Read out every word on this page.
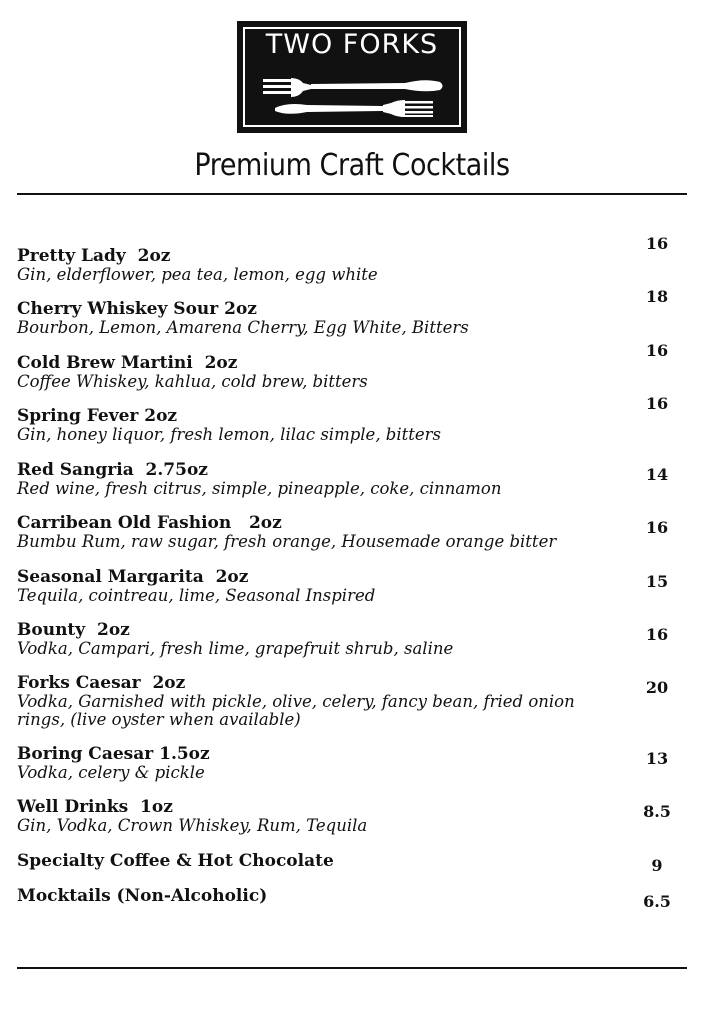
TWO FORKS
Premium Craft Cocktails
Pretty Lady  2oz
Gin, elderflower, pea tea, lemon, egg white
16
Cherry Whiskey Sour 2oz
Bourbon, Lemon, Amarena Cherry, Egg White, Bitters
18
Cold Brew Martini  2oz
Coffee Whiskey, kahlua, cold brew, bitters
16
Spring Fever 2oz
Gin, honey liquor, fresh lemon, lilac simple, bitters
16
Red Sangria  2.75oz
Red wine, fresh citrus, simple, pineapple, coke, cinnamon
14
Carribean Old Fashion   2oz
Bumbu Rum, raw sugar, fresh orange, Housemade orange bitter
16
Seasonal Margarita  2oz
Tequila, cointreau, lime, Seasonal Inspired
15
Bounty  2oz
Vodka, Campari, fresh lime, grapefruit shrub, saline
16
Forks Caesar  2oz
Vodka, Garnished with pickle, olive, celery, fancy bean, fried onion rings, (live oyster when available)
20
Boring Caesar 1.5oz
Vodka, celery & pickle
13
Well Drinks  1oz
Gin, Vodka, Crown Whiskey, Rum, Tequila
8.5
Specialty Coffee & Hot Chocolate	9
Mocktails (Non-Alcoholic)	6.5
